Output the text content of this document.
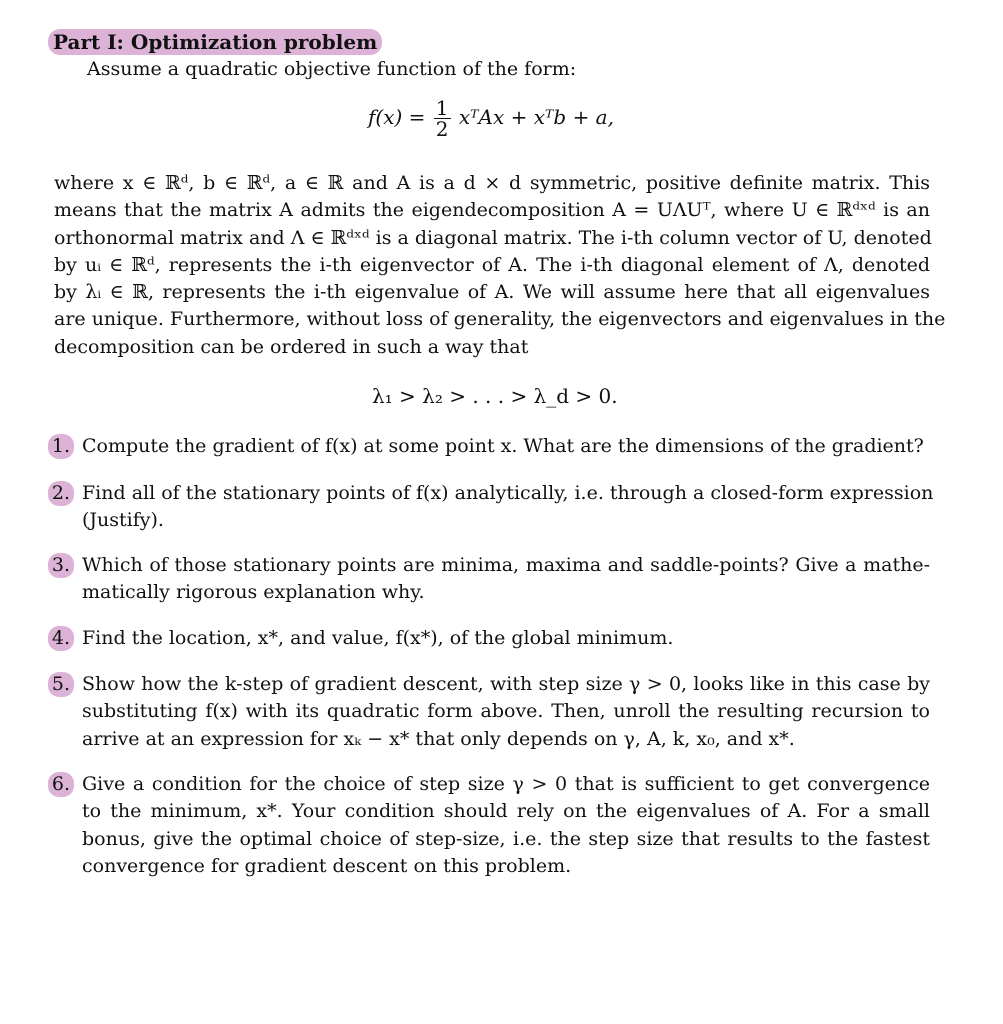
Part I: Optimization problem
Assume a quadratic objective function of the form:
$f(x) = \frac{1}{2}$ xᵀAx + xᵀb + a,
where x ∈ ℝᵈ, b ∈ ℝᵈ, a ∈ ℝ and A is a d × d symmetric, positive definite matrix. This
means that the matrix A admits the eigendecomposition A = UΛUᵀ, where U ∈ ℝᵈˣᵈ is an
orthonormal matrix and Λ ∈ ℝᵈˣᵈ is a diagonal matrix. The i-th column vector of U, denoted
by uᵢ ∈ ℝᵈ, represents the i-th eigenvector of A. The i-th diagonal element of Λ, denoted
by λᵢ ∈ ℝ, represents the i-th eigenvalue of A. We will assume here that all eigenvalues
are unique. Furthermore, without loss of generality, the eigenvectors and eigenvalues in the
decomposition can be ordered in such a way that
λ₁ > λ₂ > . . . > λ_d > 0.
1. Compute the gradient of f(x) at some point x. What are the dimensions of the gradient?
2. Find all of the stationary points of f(x) analytically, i.e. through a closed-form expression
(Justify).
3. Which of those stationary points are minima, maxima and saddle-points? Give a mathe-
matically rigorous explanation why.
4. Find the location, x*, and value, f(x*), of the global minimum.
5. Show how the k-step of gradient descent, with step size γ > 0, looks like in this case by
substituting f(x) with its quadratic form above. Then, unroll the resulting recursion to
arrive at an expression for xₖ − x* that only depends on γ, A, k, x₀, and x*.
6. Give a condition for the choice of step size γ > 0 that is sufficient to get convergence
to the minimum, x*. Your condition should rely on the eigenvalues of A. For a small
bonus, give the optimal choice of step-size, i.e. the step size that results to the fastest
convergence for gradient descent on this problem.
